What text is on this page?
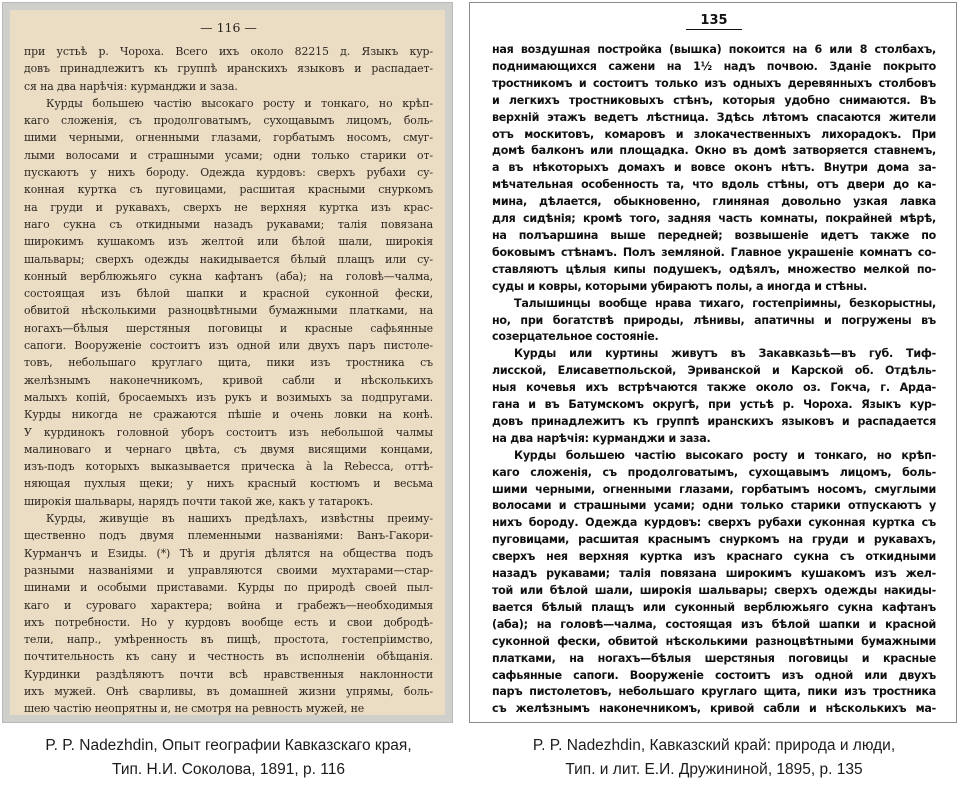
— 116 —
при устьѣ р. Чороха. Всего ихъ около 82215 д. Языкъ кур-
довъ принадлежитъ къ группѣ иранскихъ языковъ и распадает-
ся на два нарѣчія: курманджи и заза.
Курды большею частію высокаго росту и тонкаго, но крѣп-
каго сложенія, съ продолговатымъ, сухощавымъ лицомъ, боль-
шими черными, огненными глазами, горбатымъ носомъ, смуг-
лыми волосами и страшными усами; одни только старики от-
пускаютъ у нихъ бороду. Одежда курдовъ: сверхъ рубахи су-
конная куртка съ пуговицами, расшитая красными снуркомъ
на груди и рукавахъ, сверхъ не верхняя куртка изъ крас-
наго сукна съ откидными назадъ рукавами; талія повязана
широкимъ кушакомъ изъ желтой или бѣлой шали, широкія
шальвары; сверхъ одежды накидывается бѣлый плащъ или су-
конный верблюжьяго сукна кафтанъ (аба); на головѣ—чалма,
состоящая изъ бѣлой шапки и красной суконной фески,
обвитой нѣсколькими разноцвѣтными бумажными платками, на
ногахъ—бѣлыя шерстяныя поговицы и красные сафьянные
сапоги. Вооруженіе состоитъ изъ одной или двухъ паръ пистоле-
товъ, небольшаго круглаго щита, пики изъ тростника съ
желѣзнымъ наконечникомъ, кривой сабли и нѣсколькихъ
малыхъ копій, бросаемыхъ изъ рукъ и возимыхъ за подпругами.
Курды никогда не сражаются пѣшіе и очень ловки на конѣ.
У курдинокъ головной уборъ состоитъ изъ небольшой чалмы
малиноваго и чернаго цвѣта, съ двумя висящими концами,
изъ-подъ которыхъ выказывается прическа à la Rebecca, оттѣ-
няющая пухлыя щеки; у нихъ красный костюмъ и весьма
широкія шальвары, нарядъ почти такой же, какъ у татарокъ.
Курды, живущіе въ нашихъ предѣлахъ, извѣстны преиму-
щественно подъ двумя племенными названіями: Ванъ-Гакори-
Курманчъ и Езиды. (*) Тѣ и другія дѣлятся на общества подъ
разными названіями и управляются своими мухтарами—стар-
шинами и особыми приставами. Курды по природѣ своей пыл-
каго и суроваго характера; война и грабежъ—необходимыя
ихъ потребности. Но у курдовъ вообще есть и свои добродѣ-
тели, напр., умѣренность въ пищѣ, простота, гостепріимство,
почтительность къ сану и честность въ исполненіи обѣщанія.
Курдинки раздѣляютъ почти всѣ нравственныя наклонности
ихъ мужей. Онѣ сварливы, въ домашней жизни упрямы, боль-
шею частію неопрятны и, не смотря на ревность мужей, не
135
ная воздушная постройка (вышка) покоится на 6 или 8 столбахъ,
поднимающихся сажени на 1½ надъ почвою. Зданіе покрыто
тростникомъ и состоитъ только изъ одныхъ деревянныхъ столбовъ
и легкихъ тростниковыхъ стѣнъ, которыя удобно снимаются. Въ
верхній этажъ ведетъ лѣстница. Здѣсь лѣтомъ спасаются жители
отъ москитовъ, комаровъ и злокачественныхъ лихорадокъ. При
домѣ балконъ или площадка. Окно въ домѣ затворяется ставнемъ,
а въ нѣкоторыхъ домахъ и вовсе оконъ нѣтъ. Внутри дома за-
мѣчательная особенность та, что вдоль стѣны, отъ двери до ка-
мина, дѣлается, обыкновенно, глиняная довольно узкая лавка
для сидѣнія; кромѣ того, задняя часть комнаты, покрайней мѣрѣ,
на полъаршина выше передней; возвышеніе идетъ также по
боковымъ стѣнамъ. Полъ земляной. Главное украшеніе комнатъ со-
ставляютъ цѣлыя кипы подушекъ, одѣялъ, множество мелкой по-
суды и ковры, которыми убираютъ полы, а иногда и стѣны.
Талышинцы вообще нрава тихаго, гостепріимны, безкорыстны,
но, при богатствѣ природы, лѣнивы, апатичны и погружены въ
созерцательное состояніе.
Курды или куртины живутъ въ Закавказьѣ—въ губ. Тиф-
лисской, Елисаветпольской, Эриванской и Карской об. Отдѣль-
ныя кочевья ихъ встрѣчаются также около оз. Гокча, г. Арда-
гана и въ Батумскомъ округѣ, при устьѣ р. Чороха. Языкъ кур-
довъ принадлежитъ къ группѣ иранскихъ языковъ и распадается
на два нарѣчія: курманджи и заза.
Курды большею частію высокаго росту и тонкаго, но крѣп-
каго сложенія, съ продолговатымъ, сухощавымъ лицомъ, боль-
шими черными, огненными глазами, горбатымъ носомъ, смуглыми
волосами и страшными усами; одни только старики отпускаютъ у
нихъ бороду. Одежда курдовъ: сверхъ рубахи суконная куртка съ
пуговицами, расшитая краснымъ снуркомъ на груди и рукавахъ,
сверхъ нея верхняя куртка изъ краснаго сукна съ откидными
назадъ рукавами; талія повязана широкимъ кушакомъ изъ жел-
той или бѣлой шали, широкія шальвары; сверхъ одежды накиды-
вается бѣлый плащъ или суконный верблюжьяго сукна кафтанъ
(аба); на головѣ—чалма, состоящая изъ бѣлой шапки и красной
суконной фески, обвитой нѣсколькими разноцвѣтными бумажными
платками, на ногахъ—бѣлыя шерстяныя поговицы и красные
сафьянные сапоги. Вооруженіе состоитъ изъ одной или двухъ
паръ пистолетовъ, небольшаго круглаго щита, пики изъ тростника
съ желѣзнымъ наконечникомъ, кривой сабли и нѣсколькихъ ма-
P. P. Nadezhdin, Опыт географии Кавказскаго края,
Тип. Н.И. Соколова, 1891, p. 116
P. P. Nadezhdin, Кавказский край: природа и люди,
Тип. и лит. Е.И. Дружининой, 1895, p. 135
